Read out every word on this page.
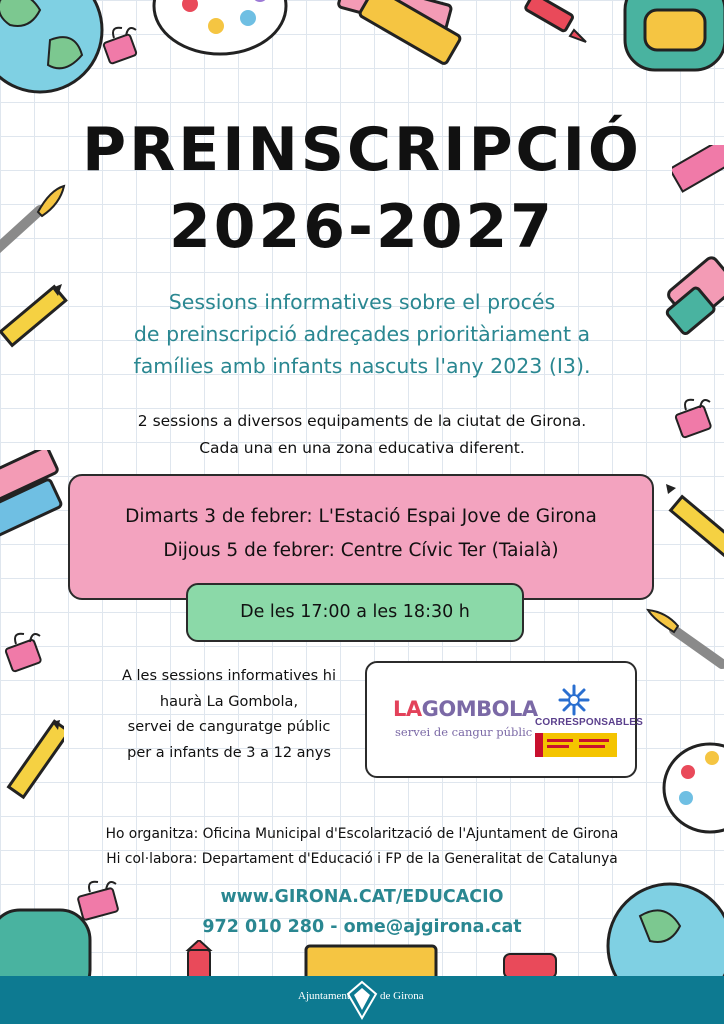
PREINSCRIPCIÓ
2026-2027
Sessions informatives sobre el procés
de preinscripció adreçades prioritàriament a
famílies amb infants nascuts l'any 2023 (I3).
2 sessions a diversos equipaments de la ciutat de Girona.
Cada una en una zona educativa diferent.
Dimarts 3 de febrer: L'Estació Espai Jove de Girona
Dijous 5 de febrer: Centre Cívic Ter (Taialà)
De les 17:00 a les 18:30 h
A les sessions informatives hi
haurà La Gombola,
servei de canguratge públic
per a infants de 3 a 12 anys
LAGOMBOLA
servei de cangur públic
CORRESPONSABLES
Ho organitza: Oficina Municipal d'Escolarització de l'Ajuntament de Girona
Hi col·labora: Departament d'Educació i FP de la Generalitat de Catalunya
www.GIRONA.CAT/EDUCACIO
972 010 280 - ome@ajgirona.cat
Ajuntament	de Girona
